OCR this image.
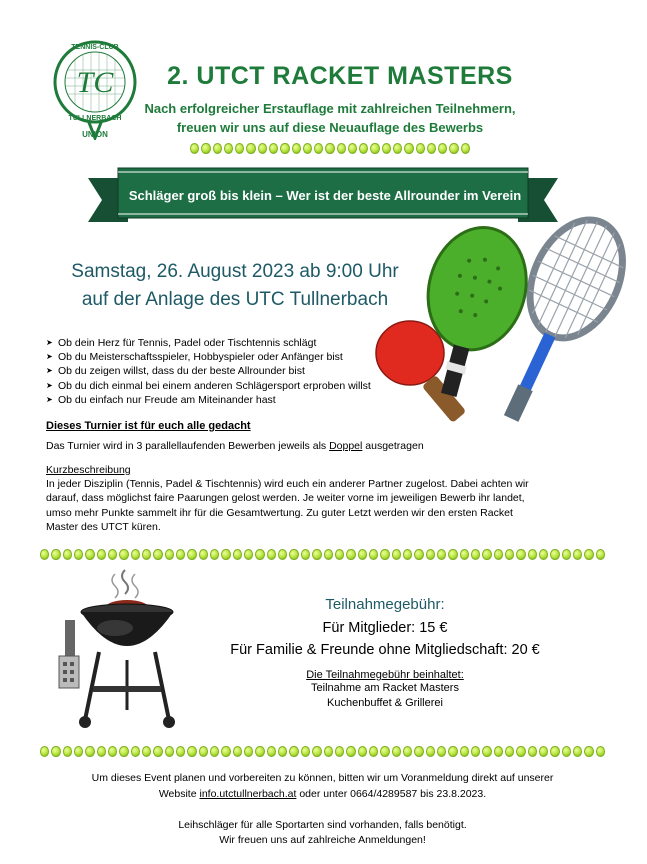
TC
UNION
TENNIS-CLUB
TULLNERBACH
2. UTCT RACKET MASTERS
Nach erfolgreicher Erstauflage mit zahlreichen Teilnehmern,
freuen wir uns auf diese Neuauflage des Bewerbs
Schläger groß bis klein – Wer ist der beste Allrounder im Verein
Samstag, 26. August 2023 ab 9:00 Uhr
auf der Anlage des UTC Tullnerbach
➤ Ob dein Herz für Tennis, Padel oder Tischtennis schlägt
➤ Ob du Meisterschaftsspieler, Hobbyspieler oder Anfänger bist
➤ Ob du zeigen willst, dass du der beste Allrounder bist
➤ Ob du dich einmal bei einem anderen Schlägersport erproben willst
➤ Ob du einfach nur Freude am Miteinander hast
Dieses Turnier ist für euch alle gedacht
Das Turnier wird in 3 parallellaufenden Bewerben jeweils als Doppel ausgetragen
Kurzbeschreibung
In jeder Disziplin (Tennis, Padel & Tischtennis) wird euch ein anderer Partner zugelost. Dabei achten wir darauf, dass möglichst faire Paarungen gelost werden. Je weiter vorne im jeweiligen Bewerb ihr landet, umso mehr Punkte sammelt ihr für die Gesamtwertung. Zu guter Letzt werden wir den ersten Racket Master des UTCT küren.
Teilnahmegebühr:
Für Mitglieder: 15 €
Für Familie & Freunde ohne Mitgliedschaft: 20 €
Die Teilnahmegebühr beinhaltet:
Teilnahme am Racket Masters
Kuchenbuffet & Grillerei
Um dieses Event planen und vorbereiten zu können, bitten wir um Voranmeldung direkt auf unserer
Website info.utctullnerbach.at oder unter 0664/4289587 bis 23.8.2023.
Leihschläger für alle Sportarten sind vorhanden, falls benötigt.
Wir freuen uns auf zahlreiche Anmeldungen!
